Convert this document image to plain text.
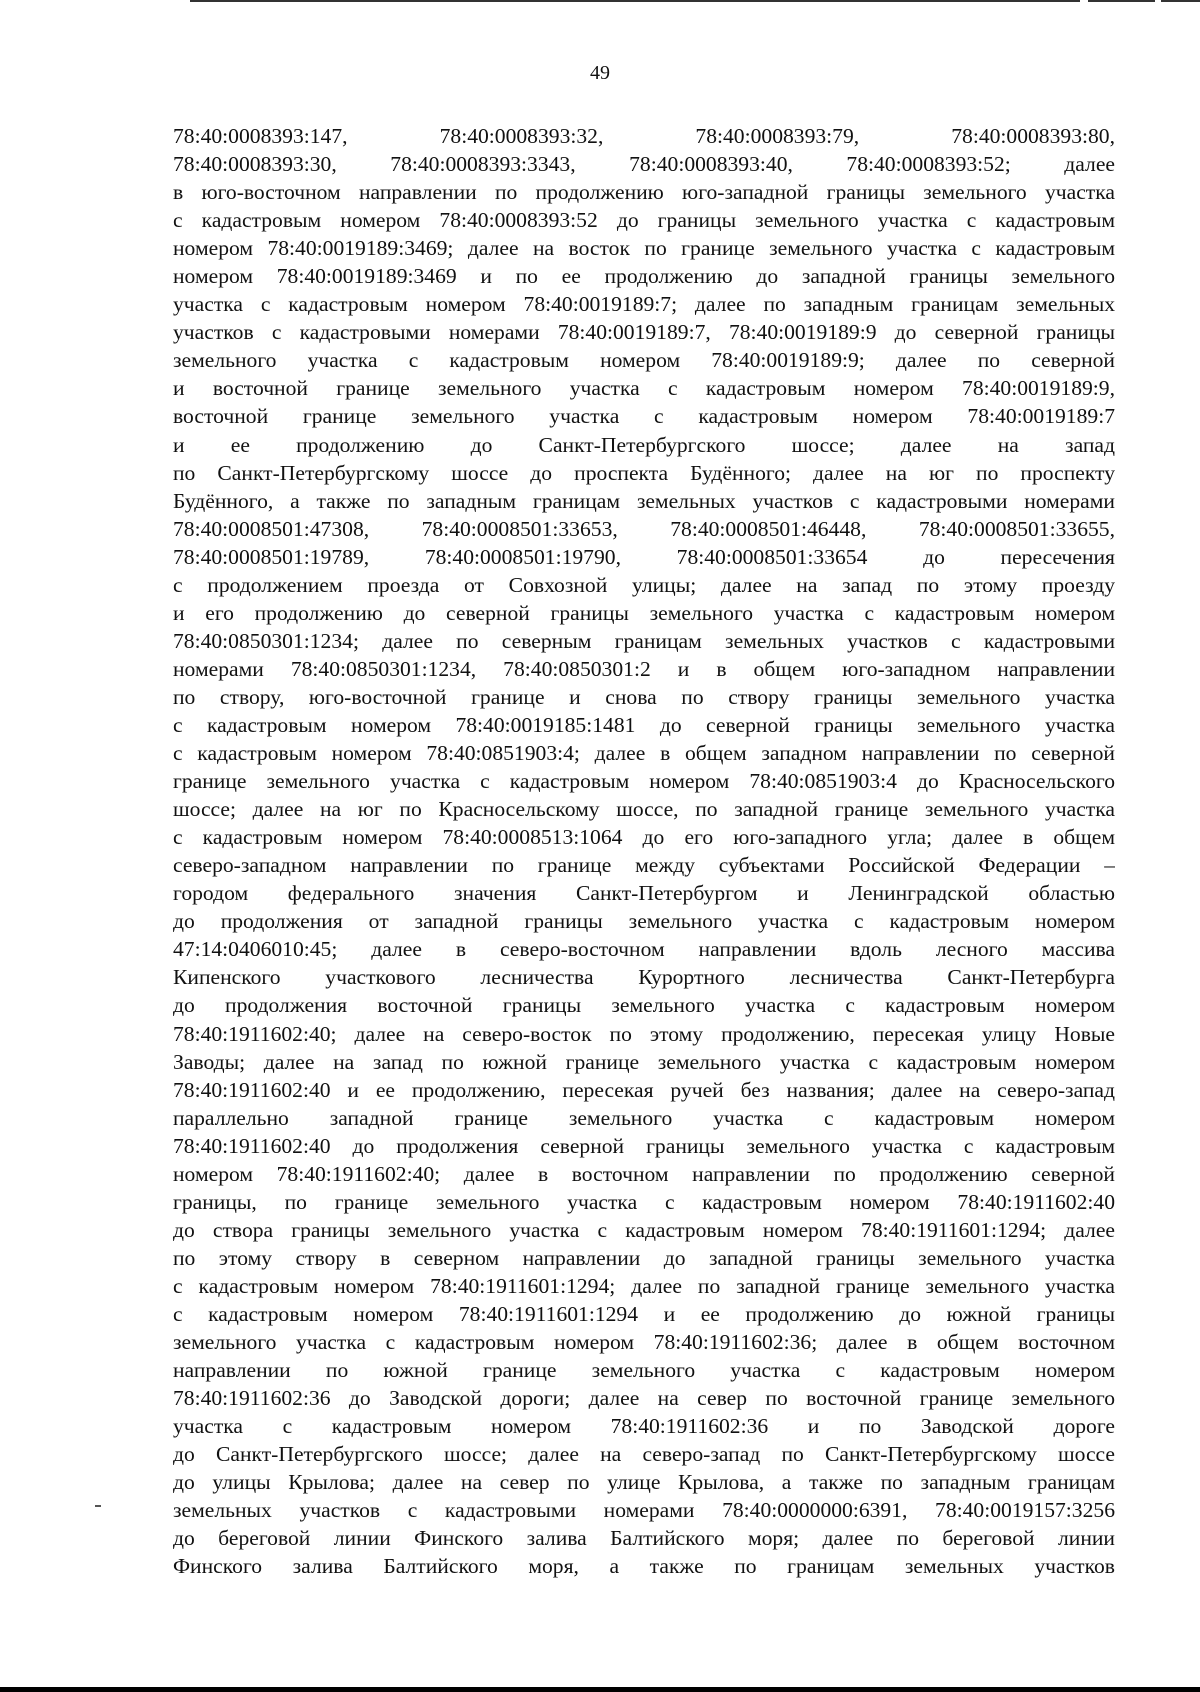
49
78:40:0008393:147, 78:40:0008393:32, 78:40:0008393:79, 78:40:0008393:80,
78:40:0008393:30, 78:40:0008393:3343, 78:40:0008393:40, 78:40:0008393:52; далее
в юго-восточном направлении по продолжению юго-западной границы земельного участка
с кадастровым номером 78:40:0008393:52 до границы земельного участка с кадастровым
номером 78:40:0019189:3469; далее на восток по границе земельного участка с кадастровым
номером 78:40:0019189:3469 и по ее продолжению до западной границы земельного
участка с кадастровым номером 78:40:0019189:7; далее по западным границам земельных
участков с кадастровыми номерами 78:40:0019189:7, 78:40:0019189:9 до северной границы
земельного участка с кадастровым номером 78:40:0019189:9; далее по северной
и восточной границе земельного участка с кадастровым номером 78:40:0019189:9,
восточной границе земельного участка с кадастровым номером 78:40:0019189:7
и ее продолжению до Санкт-Петербургского шоссе; далее на запад
по Санкт-Петербургскому шоссе до проспекта Будённого; далее на юг по проспекту
Будённого, а также по западным границам земельных участков с кадастровыми номерами
78:40:0008501:47308, 78:40:0008501:33653, 78:40:0008501:46448, 78:40:0008501:33655,
78:40:0008501:19789, 78:40:0008501:19790, 78:40:0008501:33654 до пересечения
с продолжением проезда от Совхозной улицы; далее на запад по этому проезду
и его продолжению до северной границы земельного участка с кадастровым номером
78:40:0850301:1234; далее по северным границам земельных участков с кадастровыми
номерами 78:40:0850301:1234, 78:40:0850301:2 и в общем юго-западном направлении
по створу, юго-восточной границе и снова по створу границы земельного участка
с кадастровым номером 78:40:0019185:1481 до северной границы земельного участка
с кадастровым номером 78:40:0851903:4; далее в общем западном направлении по северной
границе земельного участка с кадастровым номером 78:40:0851903:4 до Красносельского
шоссе; далее на юг по Красносельскому шоссе, по западной границе земельного участка
с кадастровым номером 78:40:0008513:1064 до его юго-западного угла; далее в общем
северо-западном направлении по границе между субъектами Российской Федерации –
городом федерального значения Санкт-Петербургом и Ленинградской областью
до продолжения от западной границы земельного участка с кадастровым номером
47:14:0406010:45; далее в северо-восточном направлении вдоль лесного массива
Кипенского участкового лесничества Курортного лесничества Санкт-Петербурга
до продолжения восточной границы земельного участка с кадастровым номером
78:40:1911602:40; далее на северо-восток по этому продолжению, пересекая улицу Новые
Заводы; далее на запад по южной границе земельного участка с кадастровым номером
78:40:1911602:40 и ее продолжению, пересекая ручей без названия; далее на северо-запад
параллельно западной границе земельного участка с кадастровым номером
78:40:1911602:40 до продолжения северной границы земельного участка с кадастровым
номером 78:40:1911602:40; далее в восточном направлении по продолжению северной
границы, по границе земельного участка с кадастровым номером 78:40:1911602:40
до створа границы земельного участка с кадастровым номером 78:40:1911601:1294; далее
по этому створу в северном направлении до западной границы земельного участка
с кадастровым номером 78:40:1911601:1294; далее по западной границе земельного участка
с кадастровым номером 78:40:1911601:1294 и ее продолжению до южной границы
земельного участка с кадастровым номером 78:40:1911602:36; далее в общем восточном
направлении по южной границе земельного участка с кадастровым номером
78:40:1911602:36 до Заводской дороги; далее на север по восточной границе земельного
участка с кадастровым номером 78:40:1911602:36 и по Заводской дороге
до Санкт-Петербургского шоссе; далее на северо-запад по Санкт-Петербургскому шоссе
до улицы Крылова; далее на север по улице Крылова, а также по западным границам
земельных участков с кадастровыми номерами 78:40:0000000:6391, 78:40:0019157:3256
до береговой линии Финского залива Балтийского моря; далее по береговой линии
Финского залива Балтийского моря, а также по границам земельных участков
